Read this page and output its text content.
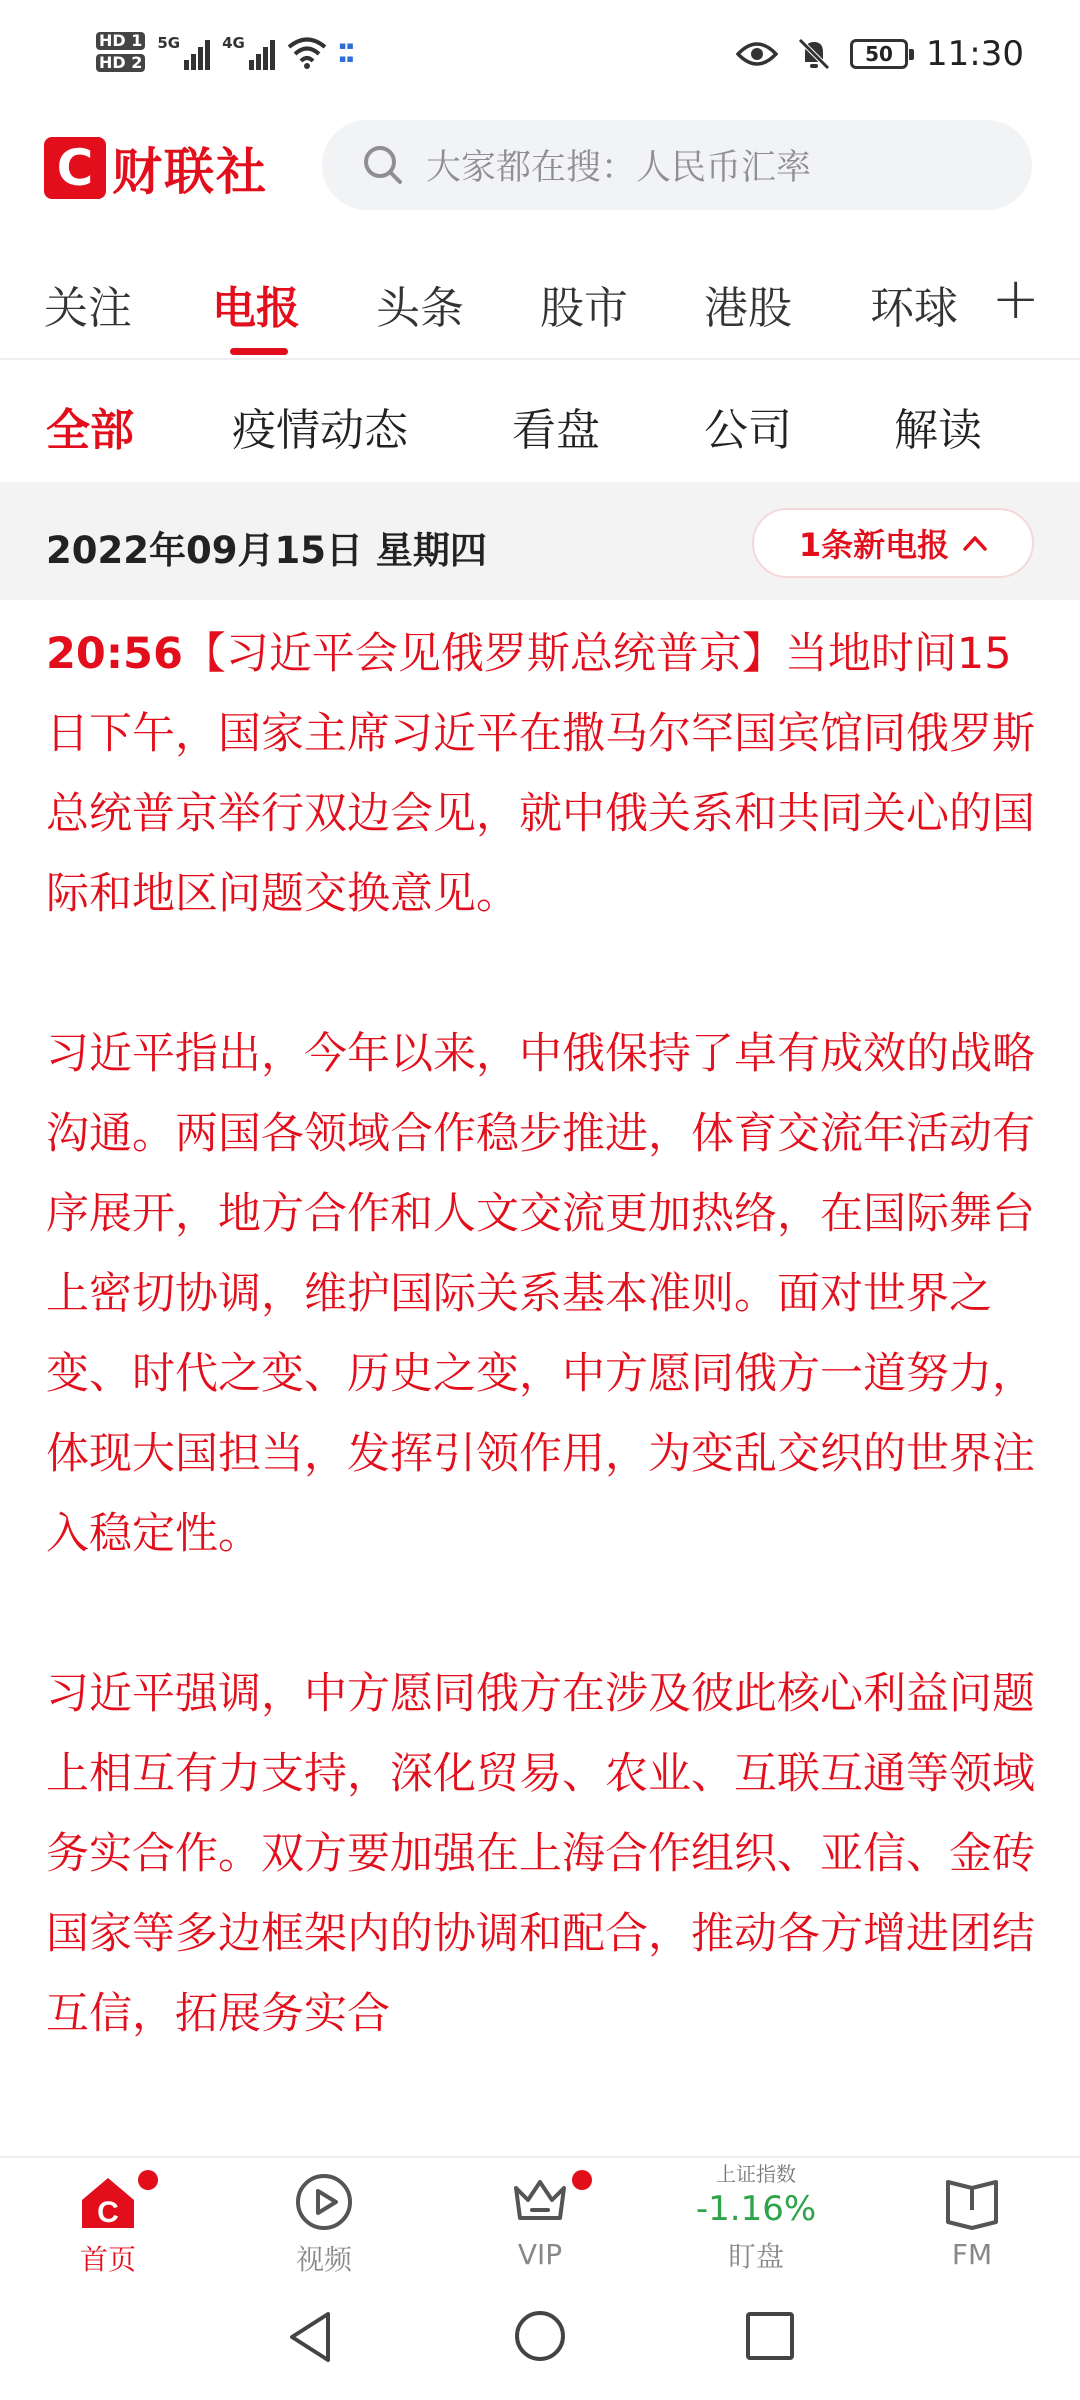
HD 1
HD 2
5G	4G	▪▪
▪▪	50 11:30
C 财联社	大家都在搜：人民币汇率
关注 电报 头条 股市 港股 环球 +
全部 疫情动态 看盘 公司 解读
2022年09月15日 星期四	1条新电报

20:56【习近平会见俄罗斯总统普京】当地时间15日下午，国家主席习近平在撒马尔罕国宾馆同俄罗斯总统普京举行双边会见，就中俄关系和共同关心的国际和地区问题交换意见。

习近平指出，今年以来，中俄保持了卓有成效的战略沟通。两国各领域合作稳步推进，体育交流年活动有序展开，地方合作和人文交流更加热络，在国际舞台上密切协调，维护国际关系基本准则。面对世界之变、时代之变、历史之变，中方愿同俄方一道努力，体现大国担当，发挥引领作用，为变乱交织的世界注入稳定性。

习近平强调，中方愿同俄方在涉及彼此核心利益问题上相互有力支持，深化贸易、农业、互联互通等领域务实合作。双方要加强在上海合作组织、亚信、金砖国家等多边框架内的协调和配合，推动各方增进团结互信，拓展务实合

C
首页	视频	VIP
上证指数
-1.16%
盯盘	FM
